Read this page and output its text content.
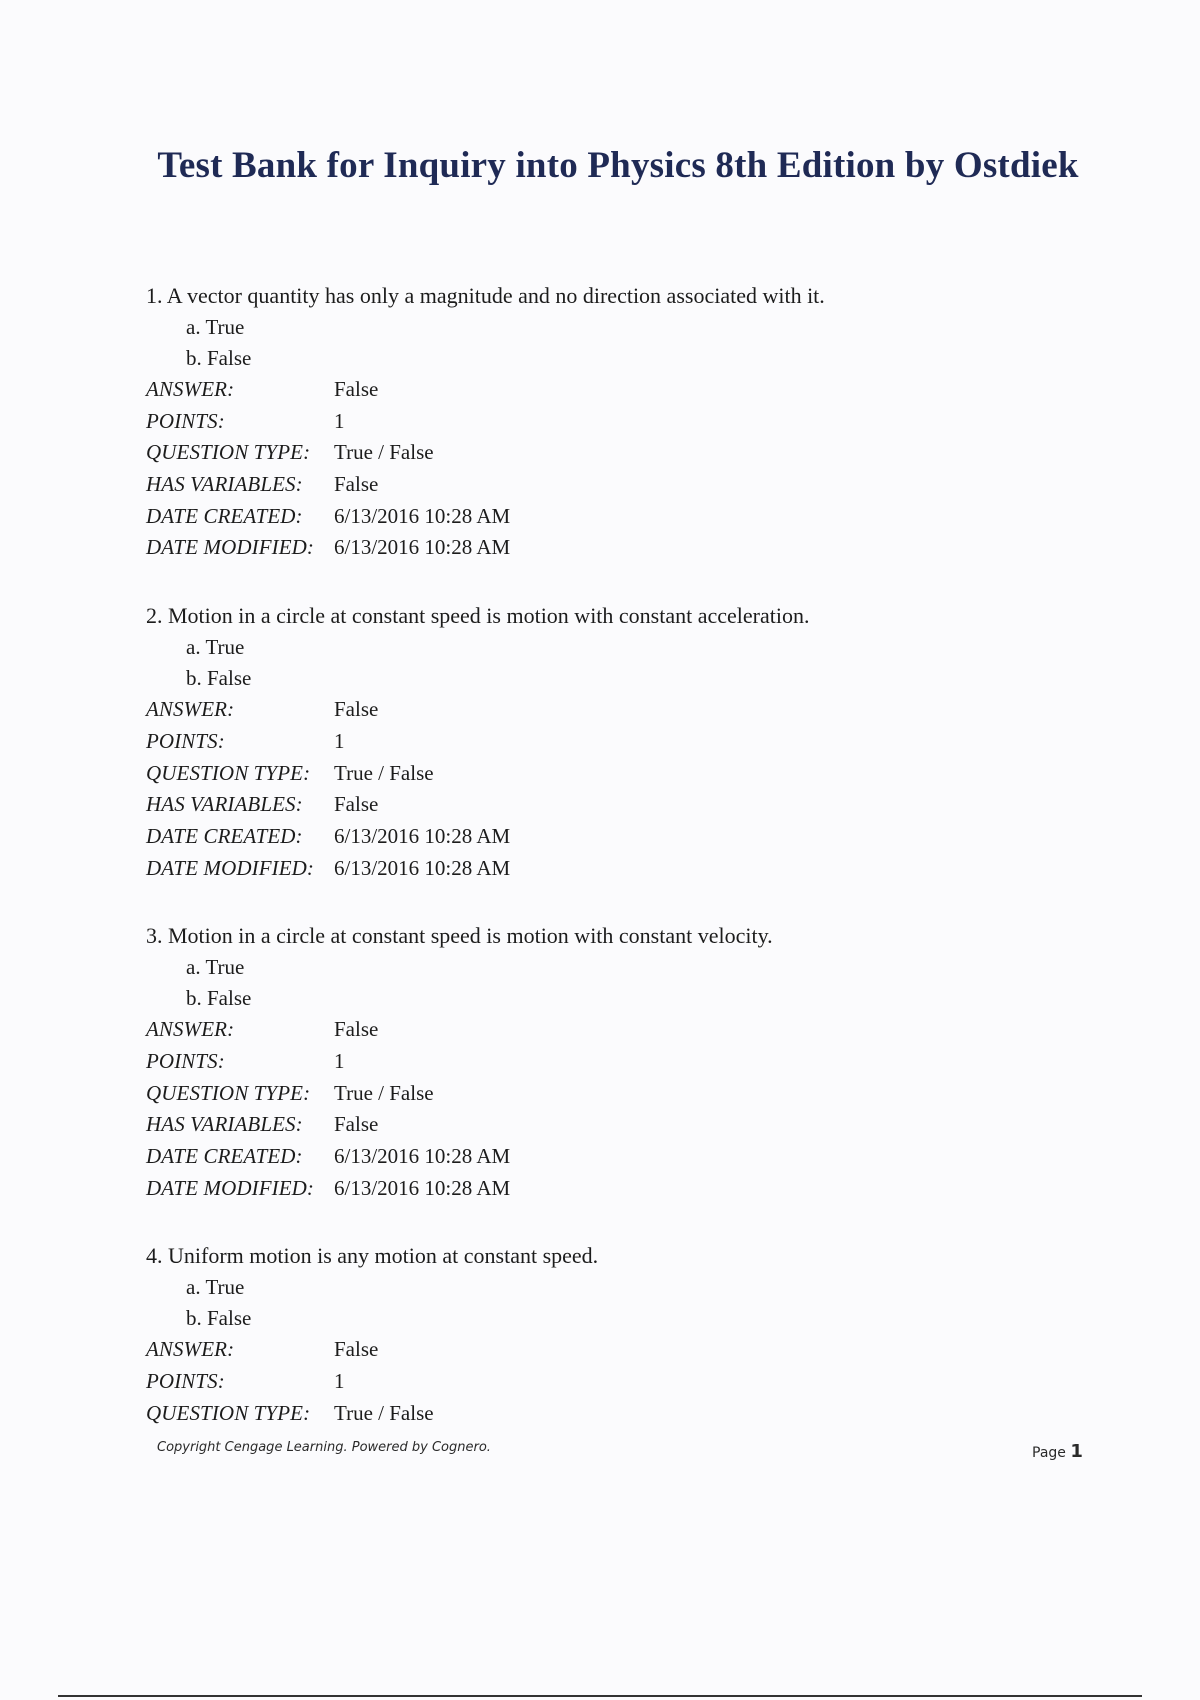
Test Bank for Inquiry into Physics 8th Edition by Ostdiek
1. A vector quantity has only a magnitude and no direction associated with it.
a. True
b. False
ANSWER:	False
POINTS:	1
QUESTION TYPE:	True / False
HAS VARIABLES:	False
DATE CREATED:	6/13/2016 10:28 AM
DATE MODIFIED: 6/13/2016 10:28 AM
2. Motion in a circle at constant speed is motion with constant acceleration.
a. True
b. False
ANSWER:	False
POINTS:	1
QUESTION TYPE:	True / False
HAS VARIABLES:	False
DATE CREATED:	6/13/2016 10:28 AM
DATE MODIFIED: 6/13/2016 10:28 AM
3. Motion in a circle at constant speed is motion with constant velocity.
a. True
b. False
ANSWER:	False
POINTS:	1
QUESTION TYPE:	True / False
HAS VARIABLES:	False
DATE CREATED:	6/13/2016 10:28 AM
DATE MODIFIED: 6/13/2016 10:28 AM
4. Uniform motion is any motion at constant speed.
a. True
b. False
ANSWER:	False
POINTS:	1
QUESTION TYPE:	True / False
Copyright Cengage Learning. Powered by Cognero.	Page 1
